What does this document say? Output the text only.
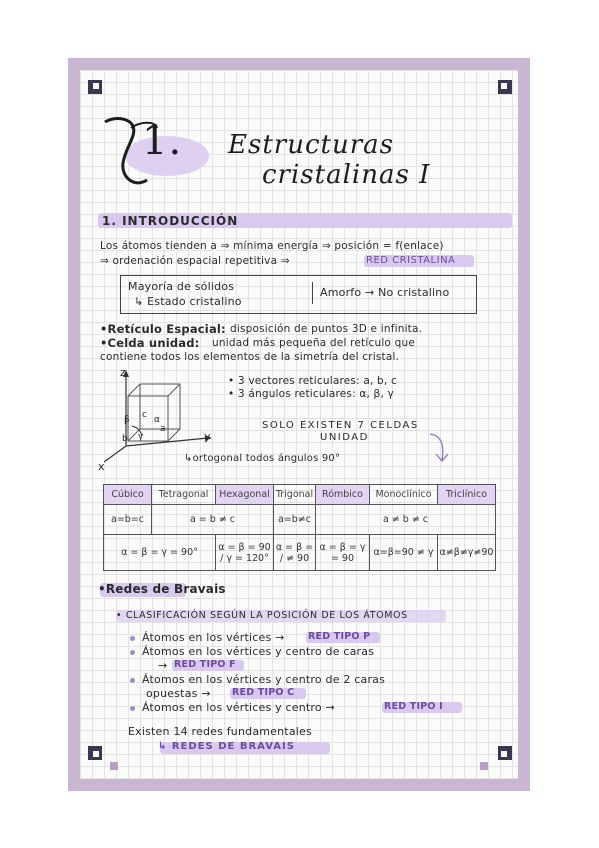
1. Estructuras
cristalinas I
1. INTRODUCCIÓN
Los átomos tienden a ⇒ mínima energía ⇒ posición = f(enlace)
⇒ ordenación espacial repetitiva ⇒	RED CRISTALINA
Mayoría de sólidos
↳ Estado cristalino
Amorfo → No cristalino
•Retículo Espacial: disposición de puntos 3D e infinita.
•Celda unidad: unidad más pequeña del retículo que
contiene todos los elementos de la simetría del cristal.
z
y
x
c α
β
γ
a
b
• 3 vectores reticulares: a, b, c
• 3 ángulos reticulares: α, β, γ
SOLO EXISTEN 7 CELDAS
UNIDAD
↳ortogonal todos ángulos 90°
Cúbico	Tetragonal	Hexagonal	Trigonal	Rómbico	Monoclínico	Triclínico
a=b=c	a = b ≠ c		a=b≠c	a ≠ b ≠ c		
α = β = γ = 90°		α = β = 90 / γ = 120°	α = β = / ≠ 90	α = β = γ = 90	α=β=90 ≠ γ	α≠β≠γ≠90
•Redes de Bravais
• CLASIFICACIÓN SEGÚN LA POSICIÓN DE LOS ÁTOMOS
Átomos en los vértices → RED TIPO P
Átomos en los vértices y centro de caras
→ RED TIPO F
Átomos en los vértices y centro de 2 caras
opuestas → RED TIPO C
Átomos en los vértices y centro →	RED TIPO I
Existen 14 redes fundamentales
↳ REDES DE BRAVAIS
